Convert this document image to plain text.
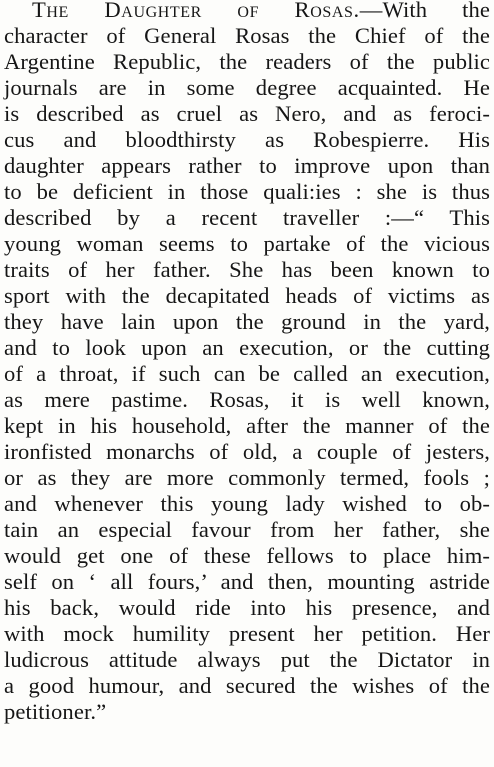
The Daughter of Rosas.—With the
character of General Rosas the Chief of the
Argentine Republic, the readers of the public
journals are in some degree acquainted. He
is described as cruel as Nero, and as feroci-
cus and bloodthirsty as Robespierre. His
daughter appears rather to improve upon than
to be deficient in those quali:ies : she is thus
described by a recent traveller :—“ This
young woman seems to partake of the vicious
traits of her father. She has been known to
sport with the decapitated heads of victims as
they have lain upon the ground in the yard,
and to look upon an execution, or the cutting
of a throat, if such can be called an execution,
as mere pastime. Rosas, it is well known,
kept in his household, after the manner of the
ironfisted monarchs of old, a couple of jesters,
or as they are more commonly termed, fools ;
and whenever this young lady wished to ob-
tain an especial favour from her father, she
would get one of these fellows to place him-
self on ‘ all fours,’ and then, mounting astride
his back, would ride into his presence, and
with mock humility present her petition. Her
ludicrous attitude always put the Dictator in
a good humour, and secured the wishes of the
petitioner.”
